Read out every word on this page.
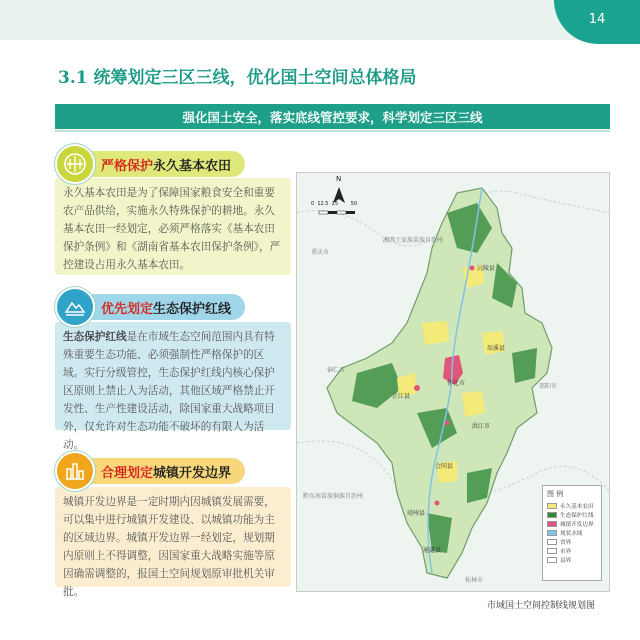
14
3.1 统筹划定三区三线，优化国土空间总体格局
强化国土安全，落实底线管控要求，科学划定三区三线
严格保护 永久基本农田
永久基本农田是为了保障国家粮食安全和重要农产品供给，实施永久特殊保护的耕地。永久基本农田一经划定，必须严格落实《基本农田保护条例》和《湖南省基本农田保护条例》，严控建设占用永久基本农田。
优先划定 生态保护红线
生态保护红线是在市域生态空间范围内具有特殊重要生态功能、必须强制性严格保护的区域。实行分级管控，生态保护红线内核心保护区原则上禁止人为活动，其他区域严格禁止开发性、生产性建设活动，除国家重大战略项目外，仅允许对生态功能不破坏的有限人为活动。
合理划定 城镇开发边界
城镇开发边界是一定时期内因城镇发展需要，可以集中进行城镇开发建设、以城镇功能为主的区域边界。城镇开发边界一经划定，规划期内原则上不得调整，因国家重大战略实施等原因确需调整的，报国土空间规划原审批机关审批。
N
0  12.5  25        50
重庆市
湘西土家族苗族自治州
沅陵县
铜仁市
辰溪县
怀化市
芷江县
洪江市
邵阳市
会同县
黔东南苗族侗族自治州
靖州县
通道县
桂林市
图 例
永久基本农田
生态保护红线
城镇开发边界
现状水域
省界
市界
县界
市域国土空间控制线规划图
